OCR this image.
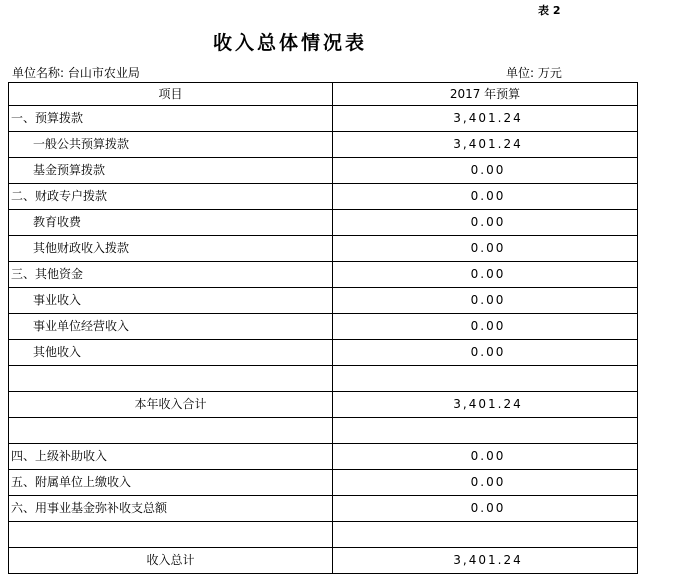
表 2
收入总体情况表
单位名称: 台山市农业局	单位: 万元
项目	2017 年预算
一、预算拨款	3,401.24
一般公共预算拨款	3,401.24
基金预算拨款	0.00
二、财政专户拨款	0.00
教育收费	0.00
其他财政收入拨款	0.00
三、其他资金	0.00
事业收入	0.00
事业单位经营收入	0.00
其他收入	0.00

本年收入合计	3,401.24

四、上级补助收入	0.00
五、附属单位上缴收入	0.00
六、用事业基金弥补收支总额	0.00

收入总计	3,401.24
